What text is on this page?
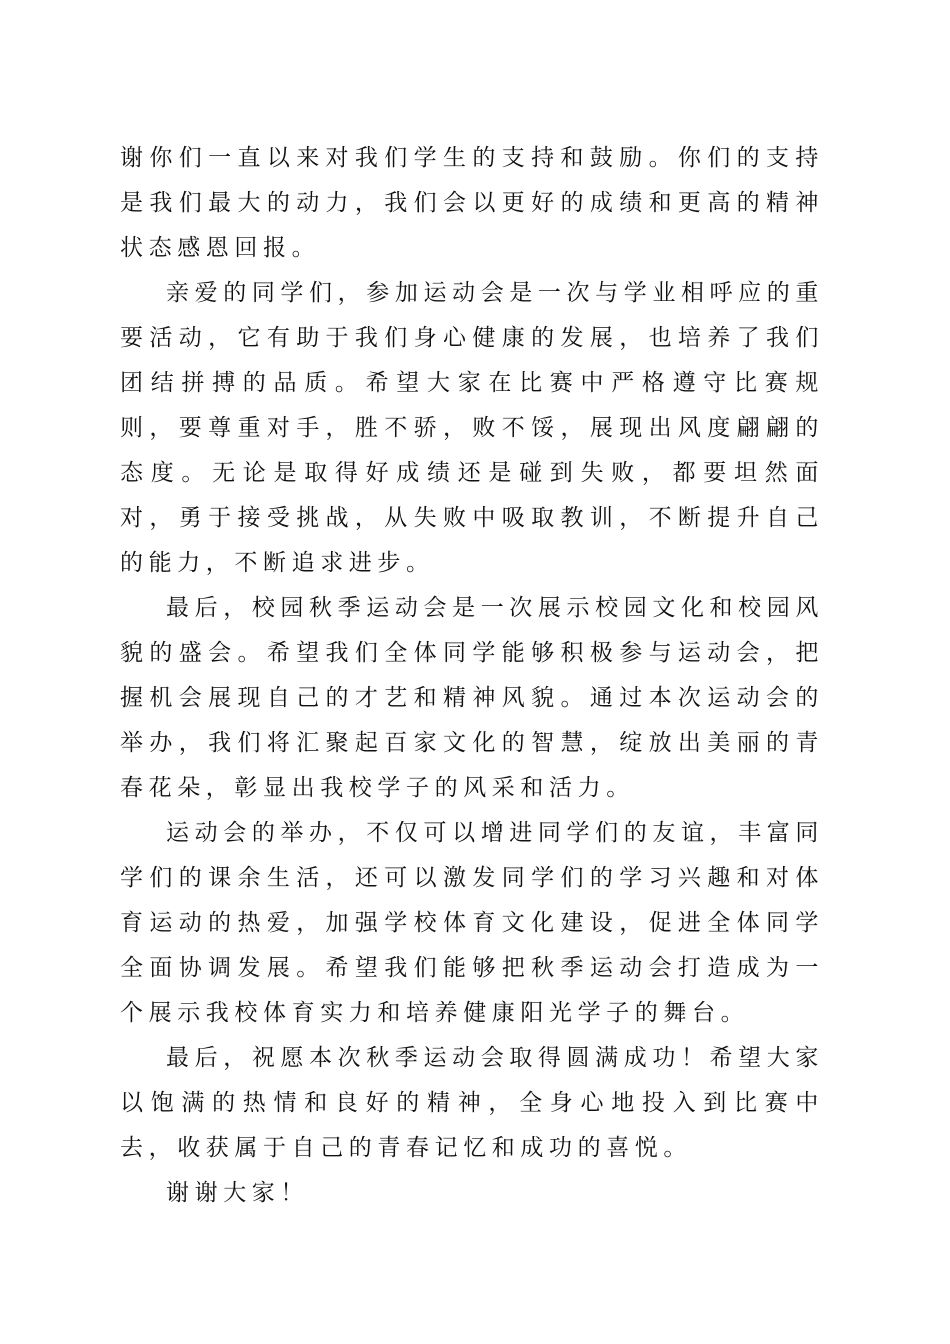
谢你们一直以来对我们学生的支持和鼓励。你们的支持是我们最大的动力，我们会以更好的成绩和更高的精神状态感恩回报。

亲爱的同学们，参加运动会是一次与学业相呼应的重要活动，它有助于我们身心健康的发展，也培养了我们团结拼搏的品质。希望大家在比赛中严格遵守比赛规则，要尊重对手，胜不骄，败不馁，展现出风度翩翩的态度。无论是取得好成绩还是碰到失败，都要坦然面对，勇于接受挑战，从失败中吸取教训，不断提升自己的能力，不断追求进步。

最后，校园秋季运动会是一次展示校园文化和校园风貌的盛会。希望我们全体同学能够积极参与运动会，把握机会展现自己的才艺和精神风貌。通过本次运动会的举办，我们将汇聚起百家文化的智慧，绽放出美丽的青春花朵，彰显出我校学子的风采和活力。

运动会的举办，不仅可以增进同学们的友谊，丰富同学们的课余生活，还可以激发同学们的学习兴趣和对体育运动的热爱，加强学校体育文化建设，促进全体同学全面协调发展。希望我们能够把秋季运动会打造成为一个展示我校体育实力和培养健康阳光学子的舞台。

最后，祝愿本次秋季运动会取得圆满成功！希望大家以饱满的热情和良好的精神，全身心地投入到比赛中去，收获属于自己的青春记忆和成功的喜悦。

谢谢大家！
